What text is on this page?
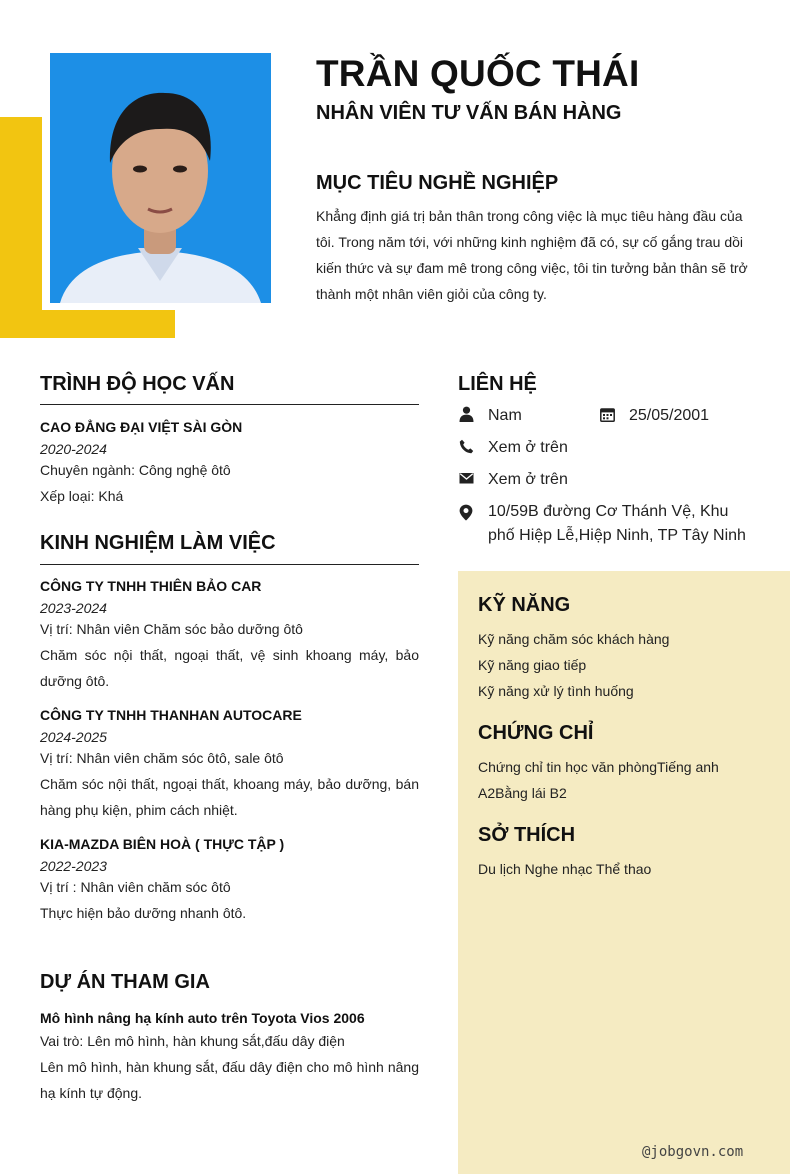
TRẦN QUỐC THÁI
NHÂN VIÊN TƯ VẤN BÁN HÀNG
MỤC TIÊU NGHỀ NGHIỆP
Khẳng định giá trị bản thân trong công việc là mục tiêu hàng đầu của tôi. Trong năm tới, với những kinh nghiệm đã có, sự cố gắng trau dồi kiến thức và sự đam mê trong công việc, tôi tin tưởng bản thân sẽ trở thành một nhân viên giỏi của công ty.
TRÌNH ĐỘ HỌC VẤN
CAO ĐẲNG ĐẠI VIỆT SÀI GÒN
2020-2024
Chuyên ngành: Công nghệ ôtô
Xếp loại: Khá
KINH NGHIỆM LÀM VIỆC
CÔNG TY TNHH THIÊN BẢO CAR
2023-2024
Vị trí: Nhân viên Chăm sóc bảo dưỡng ôtô
Chăm sóc nội thất, ngoại thất, vệ sinh khoang máy, bảo dưỡng ôtô.
CÔNG TY TNHH THANHAN AUTOCARE
2024-2025
Vị trí: Nhân viên chăm sóc ôtô, sale ôtô
Chăm sóc nội thất, ngoại thất, khoang máy, bảo dưỡng, bán hàng phụ kiện, phim cách nhiệt.
KIA-MAZDA BIÊN HOÀ ( THỰC TẬP )
2022-2023
Vị trí : Nhân viên chăm sóc ôtô
Thực hiện bảo dưỡng nhanh ôtô.
DỰ ÁN THAM GIA
Mô hình nâng hạ kính auto trên Toyota Vios 2006
Vai trò: Lên mô hình, hàn khung sắt,đấu dây điện
Lên mô hình, hàn khung sắt, đấu dây điện cho mô hình nâng hạ kính tự động.
LIÊN HỆ
Nam	25/05/2001
Xem ở trên
Xem ở trên
10/59B đường Cơ Thánh Vệ, Khu phố Hiệp Lễ,Hiệp Ninh, TP Tây Ninh
KỸ NĂNG
Kỹ năng chăm sóc khách hàng
Kỹ năng giao tiếp
Kỹ năng xử lý tình huống
CHỨNG CHỈ
Chứng chỉ tin học văn phòngTiếng anh
A2Bằng lái B2
SỞ THÍCH
Du lịch Nghe nhạc Thể thao
@jobgovn.com
